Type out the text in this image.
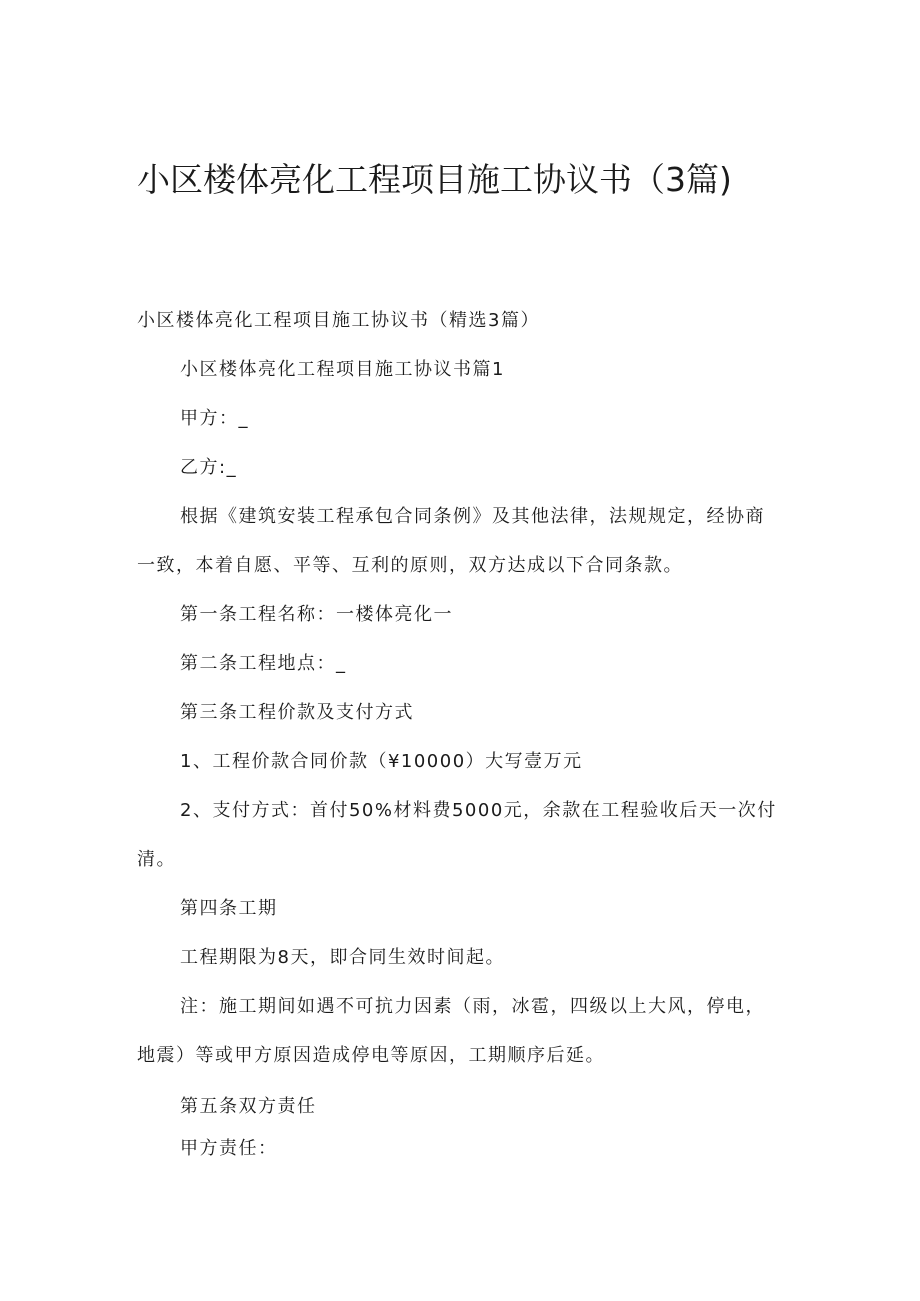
小区楼体亮化工程项目施工协议书（3篇)

小区楼体亮化工程项目施工协议书（精选3篇）

小区楼体亮化工程项目施工协议书篇1

甲方：_

乙方:_

根据《建筑安装工程承包合同条例》及其他法律，法规规定，经协商

一致，本着自愿、平等、互利的原则，双方达成以下合同条款。

第一条工程名称：一楼体亮化一

第二条工程地点：_

第三条工程价款及支付方式

1、工程价款合同价款（¥10000）大写壹万元

2、支付方式：首付50%材料费5000元，余款在工程验收后天一次付

清。

第四条工期

工程期限为8天，即合同生效时间起。

注：施工期间如遇不可抗力因素（雨，冰雹，四级以上大风，停电，

地震）等或甲方原因造成停电等原因，工期顺序后延。

第五条双方责任

甲方责任：
